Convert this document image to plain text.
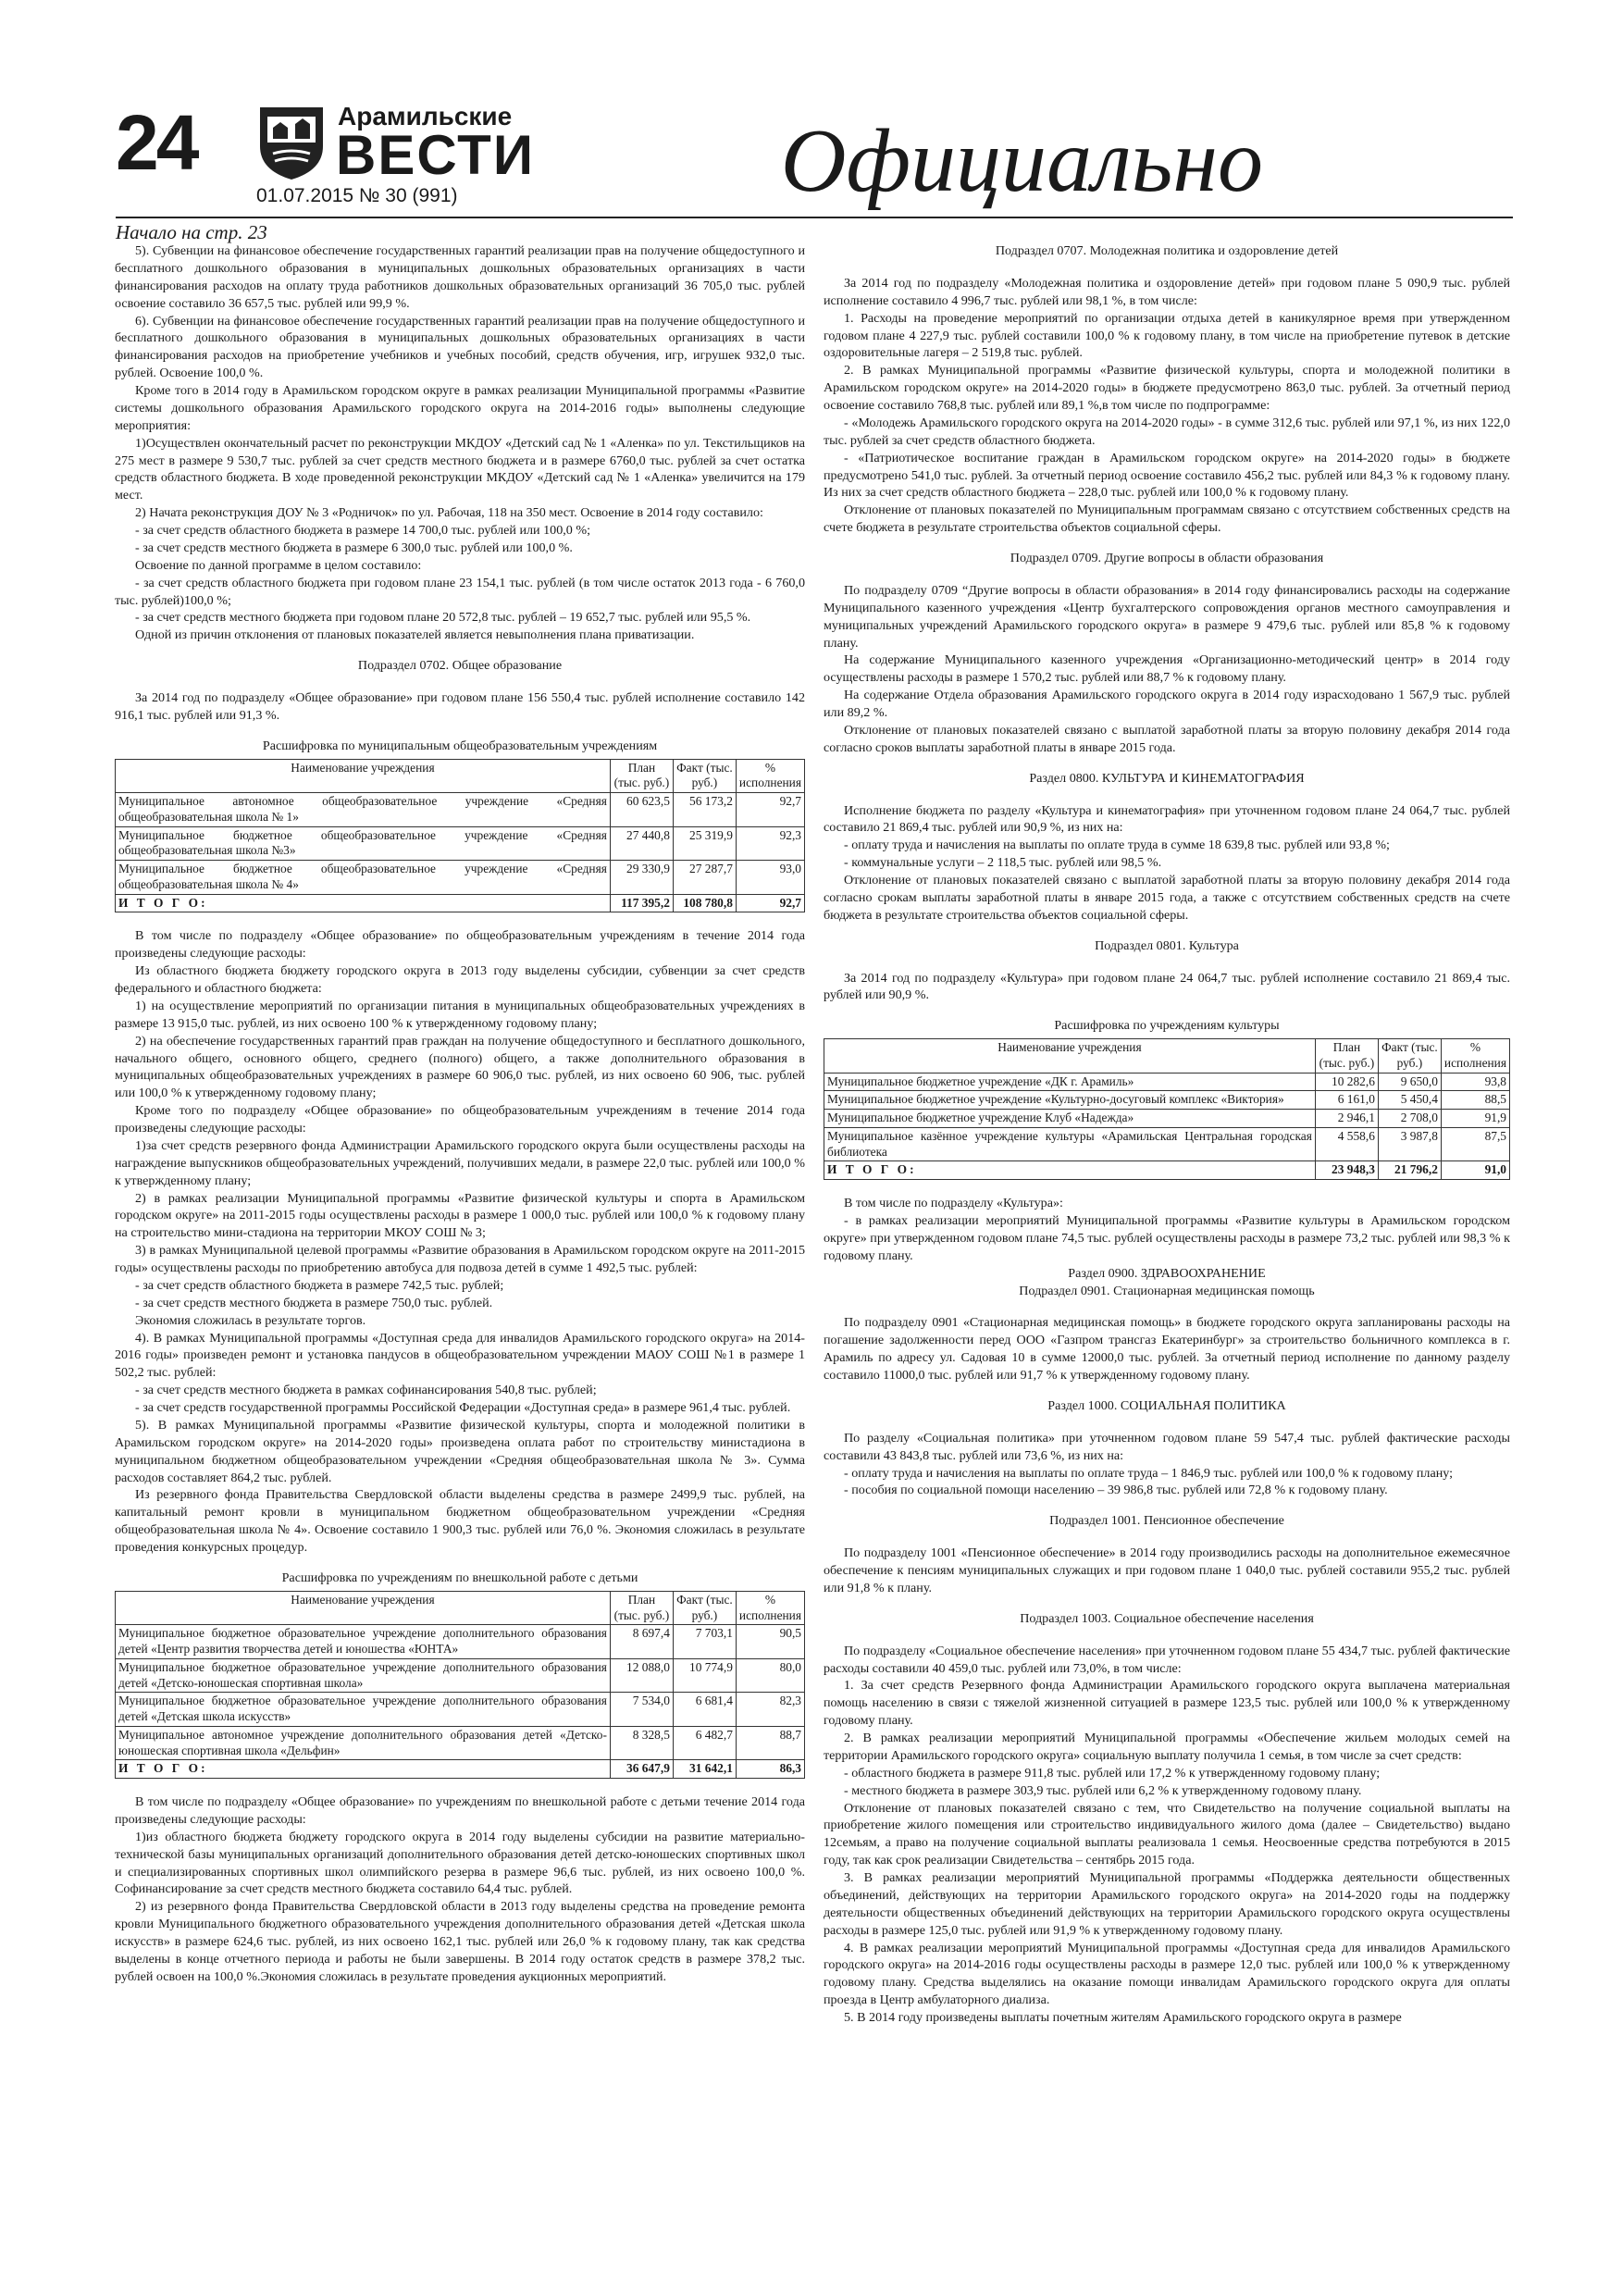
24	Арамильские
ВЕСТИ
01.07.2015 № 30 (991)	Официально
Начало на стр. 23

5). Субвенции на финансовое обеспечение государственных гарантий реализации прав на получение общедоступного и бесплатного дошкольного образования в муниципальных дошкольных образовательных организациях в части финансирования расходов на оплату труда работников дошкольных образовательных организаций 36 705,0 тыс. рублей освоение составило 36 657,5 тыс. рублей или 99,9 %.

6). Субвенции на финансовое обеспечение государственных гарантий реализации прав на получение общедоступного и бесплатного дошкольного образования в муниципальных дошкольных образовательных организациях в части финансирования расходов на приобретение учебников и учебных пособий, средств обучения, игр, игрушек 932,0 тыс. рублей. Освоение 100,0 %.

Кроме того в 2014 году в Арамильском городском округе в рамках реализации Муниципальной программы «Развитие системы дошкольного образования Арамильского городского округа на 2014-2016 годы» выполнены следующие мероприятия:

1)Осуществлен окончательный расчет по реконструкции МКДОУ «Детский сад № 1 «Аленка» по ул. Текстильщиков на 275 мест в размере 9 530,7 тыс. рублей за счет средств местного бюджета и в размере 6760,0 тыс. рублей за счет остатка средств областного бюджета. В ходе проведенной реконструкции МКДОУ «Детский сад № 1 «Аленка» увеличится на 179 мест.

2) Начата реконструкция ДОУ № 3 «Родничок» по ул. Рабочая, 118 на 350 мест. Освоение в 2014 году составило:

- за счет средств областного бюджета в размере 14 700,0 тыс. рублей или 100,0 %;

- за счет средств местного бюджета в размере 6 300,0 тыс. рублей или 100,0 %.

Освоение по данной программе в целом составило:

- за счет средств областного бюджета при годовом плане 23 154,1 тыс. рублей (в том числе остаток 2013 года - 6 760,0 тыс. рублей)100,0 %;

- за счет средств местного бюджета при годовом плане 20 572,8 тыс. рублей – 19 652,7 тыс. рублей или 95,5 %.

Одной из причин отклонения от плановых показателей является невыполнения плана приватизации.

Подраздел 0702. Общее образование

За 2014 год по подразделу «Общее образование» при годовом плане 156 550,4 тыс. рублей исполнение составило 142 916,1 тыс. рублей или 91,3 %.

Расшифровка по муниципальным общеобразовательным учреждениям

Наименование учреждения	План (тыс. руб.)	Факт (тыс. руб.)	% исполнения
Муниципальное автономное общеобразовательное учреждение «Средняя общеобразовательная школа № 1»	60 623,5	56 173,2	92,7
Муниципальное бюджетное общеобразовательное учреждение «Средняя общеобразовательная школа №3»	27 440,8	25 319,9	92,3
Муниципальное бюджетное общеобразовательное учреждение «Средняя общеобразовательная школа № 4»	29 330,9	27 287,7	93,0
И Т О Г О:	117 395,2	108 780,8	92,7

В том числе по подразделу «Общее образование» по общеобразовательным учреждениям в течение 2014 года произведены следующие расходы:

Из областного бюджета бюджету городского округа в 2013 году выделены субсидии, субвенции за счет средств федерального и областного бюджета:

1) на осуществление мероприятий по организации питания в муниципальных общеобразовательных учреждениях в размере 13 915,0 тыс. рублей, из них освоено 100 % к утвержденному годовому плану;

2) на обеспечение государственных гарантий прав граждан на получение общедоступного и бесплатного дошкольного, начального общего, основного общего, среднего (полного) общего, а также дополнительного образования в муниципальных общеобразовательных учреждениях в размере 60 906,0 тыс. рублей, из них освоено 60 906, тыс. рублей или 100,0 % к утвержденному годовому плану;

Кроме того по подразделу «Общее образование» по общеобразовательным учреждениям в течение 2014 года произведены следующие расходы:

1)за счет средств резервного фонда Администрации Арамильского городского округа были осуществлены расходы на награждение выпускников общеобразовательных учреждений, получивших медали, в размере 22,0 тыс. рублей или 100,0 % к утвержденному плану;

2) в рамках реализации Муниципальной программы «Развитие физической культуры и спорта в Арамильском городском округе» на 2011-2015 годы осуществлены расходы в размере 1 000,0 тыс. рублей или 100,0 % к годовому плану на строительство мини-стадиона на территории МКОУ СОШ № 3;

3) в рамках Муниципальной целевой программы «Развитие образования в Арамильском городском округе на 2011-2015 годы» осуществлены расходы по приобретению автобуса для подвоза детей в сумме 1 492,5 тыс. рублей:

- за счет средств областного бюджета в размере 742,5 тыс. рублей;

- за счет средств местного бюджета в размере 750,0 тыс. рублей.

Экономия сложилась в результате торгов.

4). В рамках Муниципальной программы «Доступная среда для инвалидов Арамильского городского округа» на 2014-2016 годы» произведен ремонт и установка пандусов в общеобразовательном учреждении МАОУ СОШ №1 в размере 1 502,2 тыс. рублей:

- за счет средств местного бюджета в рамках софинансирования 540,8 тыс. рублей;

- за счет средств государственной программы Российской Федерации «Доступная среда» в размере 961,4 тыс. рублей.

5). В рамках Муниципальной программы «Развитие физической культуры, спорта и молодежной политики в Арамильском городском округе» на 2014-2020 годы» произведена оплата работ по строительству министадиона в муниципальном бюджетном общеобразовательном учреждении «Средняя общеобразовательная школа № 3». Сумма расходов составляет 864,2 тыс. рублей.

Из резервного фонда Правительства Свердловской области выделены средства в размере 2499,9 тыс. рублей, на капитальный ремонт кровли в муниципальном бюджетном общеобразовательном учреждении «Средняя общеобразовательная школа № 4». Освоение составило 1 900,3 тыс. рублей или 76,0 %. Экономия сложилась в результате проведения конкурсных процедур.

Расшифровка по учреждениям по внешкольной работе с детьми

Наименование учреждения	План (тыс. руб.)	Факт (тыс. руб.)	% исполнения
Муниципальное бюджетное образовательное учреждение дополнительного образования детей «Центр развития творчества детей и юношества «ЮНТА»	8 697,4	7 703,1	90,5
Муниципальное бюджетное образовательное учреждение дополнительного образования детей «Детско-юношеская спортивная школа»	12 088,0	10 774,9	80,0
Муниципальное бюджетное образовательное учреждение дополнительного образования детей «Детская школа искусств»	7 534,0	6 681,4	82,3
Муниципальное автономное учреждение дополнительного образования детей «Детско-юношеская спортивная школа «Дельфин»	8 328,5	6 482,7	88,7
И Т О Г О:	36 647,9	31 642,1	86,3

В том числе по подразделу «Общее образование» по учреждениям по внешкольной работе с детьми течение 2014 года произведены следующие расходы:

1)из областного бюджета бюджету городского округа в 2014 году выделены субсидии на развитие материально-технической базы муниципальных организаций дополнительного образования детей детско-юношеских спортивных школ и специализированных спортивных школ олимпийского резерва в размере 96,6 тыс. рублей, из них освоено 100,0 %. Софинансирование за счет средств местного бюджета составило 64,4 тыс. рублей.

2) из резервного фонда Правительства Свердловской области в 2013 году выделены средства на проведение ремонта кровли Муниципального бюджетного образовательного учреждения дополнительного образования детей «Детская школа искусств» в размере 624,6 тыс. рублей, из них освоено 162,1 тыс. рублей или 26,0 % к годовому плану, так как средства выделены в конце отчетного периода и работы не были завершены. В 2014 году остаток средств в размере 378,2 тыс. рублей освоен на 100,0 %.Экономия сложилась в результате проведения аукционных мероприятий.

Подраздел 0707. Молодежная политика и оздоровление детей

За 2014 год по подразделу «Молодежная политика и оздоровление детей» при годовом плане 5 090,9 тыс. рублей исполнение составило 4 996,7 тыс. рублей или 98,1 %, в том числе:

1. Расходы на проведение мероприятий по организации отдыха детей в каникулярное время при утвержденном годовом плане 4 227,9 тыс. рублей составили 100,0 % к годовому плану, в том числе на приобретение путевок в детские оздоровительные лагеря – 2 519,8 тыс. рублей.

2. В рамках Муниципальной программы «Развитие физической культуры, спорта и молодежной политики в Арамильском городском округе» на 2014-2020 годы» в бюджете предусмотрено 863,0 тыс. рублей. За отчетный период освоение составило 768,8 тыс. рублей или 89,1 %,в том числе по подпрограмме:

- «Молодежь Арамильского городского округа на 2014-2020 годы» - в сумме 312,6 тыс. рублей или 97,1 %, из них 122,0 тыс. рублей за счет средств областного бюджета.

- «Патриотическое воспитание граждан в Арамильском городском округе» на 2014-2020 годы» в бюджете предусмотрено 541,0 тыс. рублей. За отчетный период освоение составило 456,2 тыс. рублей или 84,3 % к годовому плану. Из них за счет средств областного бюджета – 228,0 тыс. рублей или 100,0 % к годовому плану.

Отклонение от плановых показателей по Муниципальным программам связано с отсутствием собственных средств на счете бюджета в результате строительства объектов социальной сферы.

Подраздел 0709. Другие вопросы в области образования

По подразделу 0709 “Другие вопросы в области образования» в 2014 году финансировались расходы на содержание Муниципального казенного учреждения «Центр бухгалтерского сопровождения органов местного самоуправления и муниципальных учреждений Арамильского городского округа» в размере 9 479,6 тыс. рублей или 85,8 % к годовому плану.

На содержание Муниципального казенного учреждения «Организационно-методический центр» в 2014 году осуществлены расходы в размере 1 570,2 тыс. рублей или 88,7 % к годовому плану.

На содержание Отдела образования Арамильского городского округа в 2014 году израсходовано 1 567,9 тыс. рублей или 89,2 %.

Отклонение от плановых показателей связано с выплатой заработной платы за вторую половину декабря 2014 года согласно сроков выплаты заработной платы в январе 2015 года.

Раздел 0800. КУЛЬТУРА И КИНЕМАТОГРАФИЯ

Исполнение бюджета по разделу «Культура и кинематография» при уточненном годовом плане 24 064,7 тыс. рублей составило 21 869,4 тыс. рублей или 90,9 %, из них на:

- оплату труда и начисления на выплаты по оплате труда в сумме 18 639,8 тыс. рублей или 93,8 %;

- коммунальные услуги – 2 118,5 тыс. рублей или 98,5 %.

Отклонение от плановых показателей связано с выплатой заработной платы за вторую половину декабря 2014 года согласно срокам выплаты заработной платы в январе 2015 года, а также с отсутствием собственных средств на счете бюджета в результате строительства объектов социальной сферы.

Подраздел 0801. Культура

За 2014 год по подразделу «Культура» при годовом плане 24 064,7 тыс. рублей исполнение составило 21 869,4 тыс. рублей или 90,9 %.

Расшифровка по учреждениям культуры

Наименование учреждения	План (тыс. руб.)	Факт (тыс. руб.)	% исполнения
Муниципальное бюджетное учреждение «ДК г. Арамиль»	10 282,6	9 650,0	93,8
Муниципальное бюджетное учреждение «Культурно-досуговый комплекс «Виктория»	6 161,0	5 450,4	88,5
Муниципальное бюджетное учреждение Клуб «Надежда»	2 946,1	2 708,0	91,9
Муниципальное казённое учреждение культуры «Арамильская Центральная городская библиотека	4 558,6	3 987,8	87,5
И Т О Г О:	23 948,3	21 796,2	91,0

В том числе по подразделу «Культура»:

- в рамках реализации мероприятий Муниципальной программы «Развитие культуры в Арамильском городском округе» при утвержденном годовом плане 74,5 тыс. рублей осуществлены расходы в размере 73,2 тыс. рублей или 98,3 % к годовому плану.

Раздел 0900. ЗДРАВООХРАНЕНИЕ

Подраздел 0901. Стационарная медицинская помощь

По подразделу 0901 «Стационарная медицинская помощь» в бюджете городского округа запланированы расходы на погашение задолженности перед ООО «Газпром трансгаз Екатеринбург» за строительство больничного комплекса в г. Арамиль по адресу ул. Садовая 10 в сумме 12000,0 тыс. рублей. За отчетный период исполнение по данному разделу составило 11000,0 тыс. рублей или 91,7 % к утвержденному годовому плану.

Раздел 1000. СОЦИАЛЬНАЯ ПОЛИТИКА

По разделу «Социальная политика» при уточненном годовом плане 59 547,4 тыс. рублей фактические расходы составили 43 843,8 тыс. рублей или 73,6 %, из них на:

- оплату труда и начисления на выплаты по оплате труда – 1 846,9 тыс. рублей или 100,0 % к годовому плану;

- пособия по социальной помощи населению – 39 986,8 тыс. рублей или 72,8 % к годовому плану.

Подраздел 1001. Пенсионное обеспечение

По подразделу 1001 «Пенсионное обеспечение» в 2014 году производились расходы на дополнительное ежемесячное обеспечение к пенсиям муниципальных служащих и при годовом плане 1 040,0 тыс. рублей составили 955,2 тыс. рублей или 91,8 % к плану.

Подраздел 1003. Социальное обеспечение населения

По подразделу «Социальное обеспечение населения» при уточненном годовом плане 55 434,7 тыс. рублей фактические расходы составили 40 459,0 тыс. рублей или 73,0%, в том числе:

1. За счет средств Резервного фонда Администрации Арамильского городского округа выплачена материальная помощь населению в связи с тяжелой жизненной ситуацией в размере 123,5 тыс. рублей или 100,0 % к утвержденному годовому плану.

2. В рамках реализации мероприятий Муниципальной программы «Обеспечение жильем молодых семей на территории Арамильского городского округа» социальную выплату получила 1 семья, в том числе за счет средств:

- областного бюджета в размере 911,8 тыс. рублей или 17,2 % к утвержденному годовому плану;

- местного бюджета в размере 303,9 тыс. рублей или 6,2 % к утвержденному годовому плану.

Отклонение от плановых показателей связано с тем, что Свидетельство на получение социальной выплаты на приобретение жилого помещения или строительство индивидуального жилого дома (далее – Свидетельство) выдано 12семьям, а право на получение социальной выплаты реализовала 1 семья. Неосвоенные средства потребуются в 2015 году, так как срок реализации Свидетельства – сентябрь 2015 года.

3. В рамках реализации мероприятий Муниципальной программы «Поддержка деятельности общественных объединений, действующих на территории Арамильского городского округа» на 2014-2020 годы на поддержку деятельности общественных объединений действующих на территории Арамильского городского округа осуществлены расходы в размере 125,0 тыс. рублей или 91,9 % к утвержденному годовому плану.

4. В рамках реализации мероприятий Муниципальной программы «Доступная среда для инвалидов Арамильского городского округа» на 2014-2016 годы осуществлены расходы в размере 12,0 тыс. рублей или 100,0 % к утвержденному годовому плану. Средства выделялись на оказание помощи инвалидам Арамильского городского округа для оплаты проезда в Центр амбулаторного диализа.

5. В 2014 году произведены выплаты почетным жителям Арамильского городского округа в размере
